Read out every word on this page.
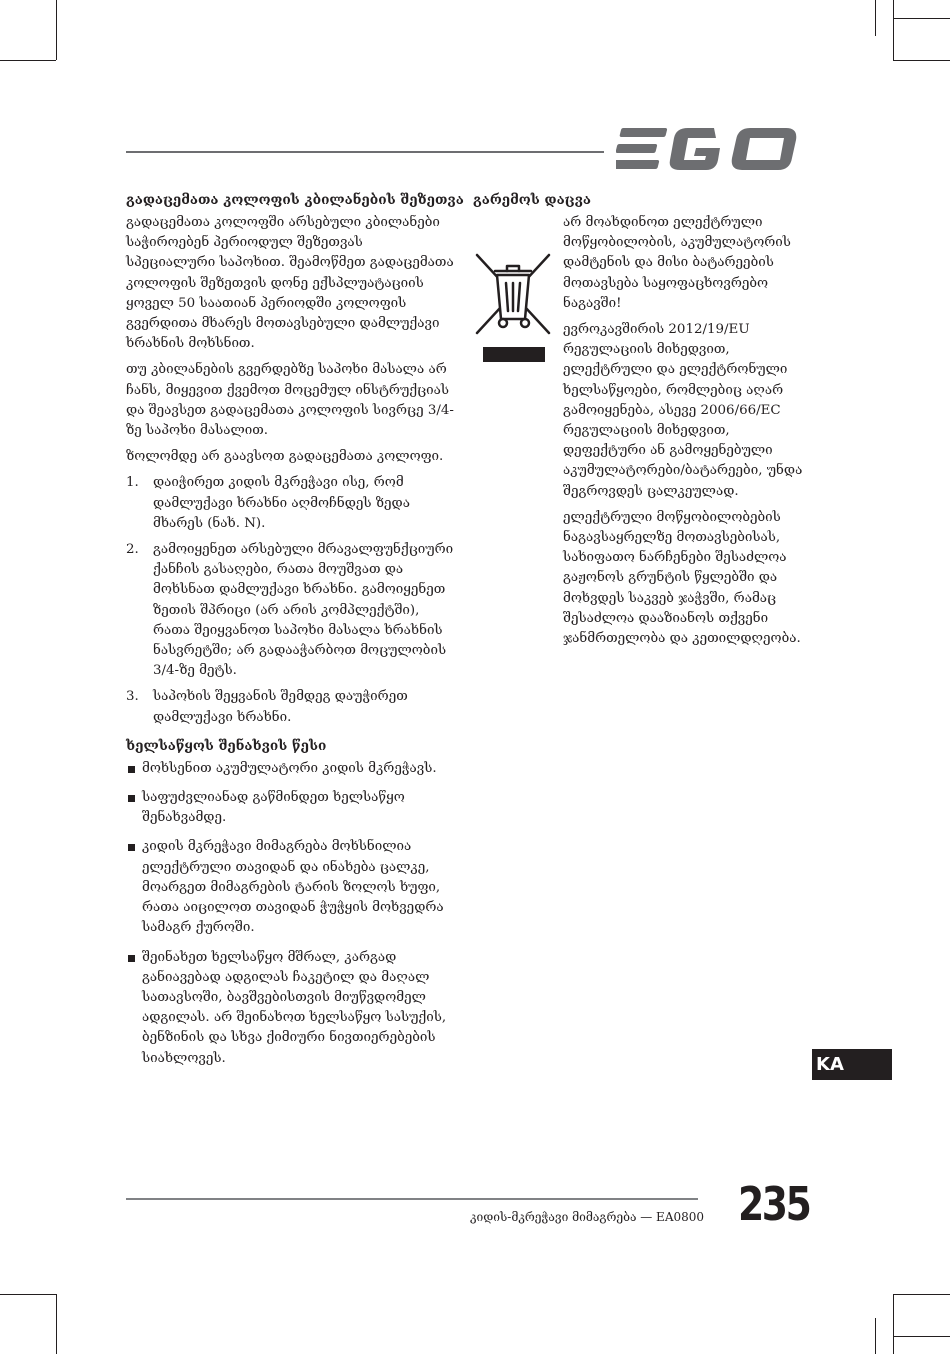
გადაცემათა კოლოფის კბილანების შეზეთვა

გადაცემათა კოლოფში არსებული კბილანები საჭიროებენ პერიოდულ შეზეთვას სპეციალური საპოხით. შეამოწმეთ გადაცემათა კოლოფის შეზეთვის დონე ექსპლუატაციის ყოველ 50 საათიან პერიოდში კოლოფის გვერდითა მხარეს მოთავსებული დამლუქავი ხრახნის მოხსნით.

თუ კბილანების გვერდებზე საპოხი მასალა არ ჩანს, მიყევით ქვემოთ მოცემულ ინსტრუქციას და შეავსეთ გადაცემათა კოლოფის სივრცე 3/4-ზე საპოხი მასალით.

ზოლომდე არ გაავსოთ გადაცემათა კოლოფი.

1. დაიჭირეთ კიდის მკრეჭავი ისე, რომ დამლუქავი ხრახნი აღმოჩნდეს ზედა მხარეს (ნახ. N).
2. გამოიყენეთ არსებული მრავალფუნქციური ქანჩის გასაღები, რათა მოუშვათ და მოხსნათ დამლუქავი ხრახნი. გამოიყენეთ ზეთის შპრიცი (არ არის კომპლექტში), რათა შეიყვანოთ საპოხი მასალა ხრახნის ნასვრეტში; არ გადააჭარბოთ მოცულობის 3/4-ზე მეტს.
3. საპოხის შეყვანის შემდეგ დაუჭირეთ დამლუქავი ხრახნი.
ხელსაწყოს შენახვის წესი
მოხსენით აკუმულატორი კიდის მკრეჭავს.
საფუძვლიანად გაწმინდეთ ხელსაწყო შენახვამდე.
კიდის მკრეჭავი მიმაგრება მოხსნილია ელექტრული თავიდან და ინახება ცალკე, მოარგეთ მიმაგრების ტარის ზოლოს ხუფი, რათა აიცილოთ თავიდან ჭუჭყის მოხვედრა სამაგრ ქუროში.
შეინახეთ ხელსაწყო მშრალ, კარგად განიავებად ადგილას ჩაკეტილ და მაღალ სათავსოში, ბავშვებისთვის მიუწვდომელ ადგილას. არ შეინახოთ ხელსაწყო სასუქის, ბენზინის და სხვა ქიმიური ნივთიერებების სიახლოვეს.
გარემოს დაცვა

არ მოახდინოთ ელექტრული მოწყობილობის, აკუმულატორის დამტენის და მისი ბატარეების მოთავსება საყოფაცხოვრებო ნაგავში!

ევროკავშირის 2012/19/EU რეგულაციის მიხედვით, ელექტრული და ელექტრონული ხელსაწყოები, რომლებიც აღარ გამოიყენება, ასევე 2006/66/EC რეგულაციის მიხედვით, დეფექტური ან გამოყენებული აკუმულატორები/ბატარეები, უნდა შეგროვდეს ცალკეულად.

ელექტრული მოწყობილობების ნაგავსაყრელზე მოთავსებისას, სახიფათო ნარჩენები შესაძლოა გაჟონოს გრუნტის წყლებში და მოხვდეს საკვებ ჯაჭვში, რამაც შესაძლოა დააზიანოს თქვენი ჯანმრთელობა და კეთილდღეობა.

KA
კიდის-მკრეჭავი მიმაგრება — EA0800 235
